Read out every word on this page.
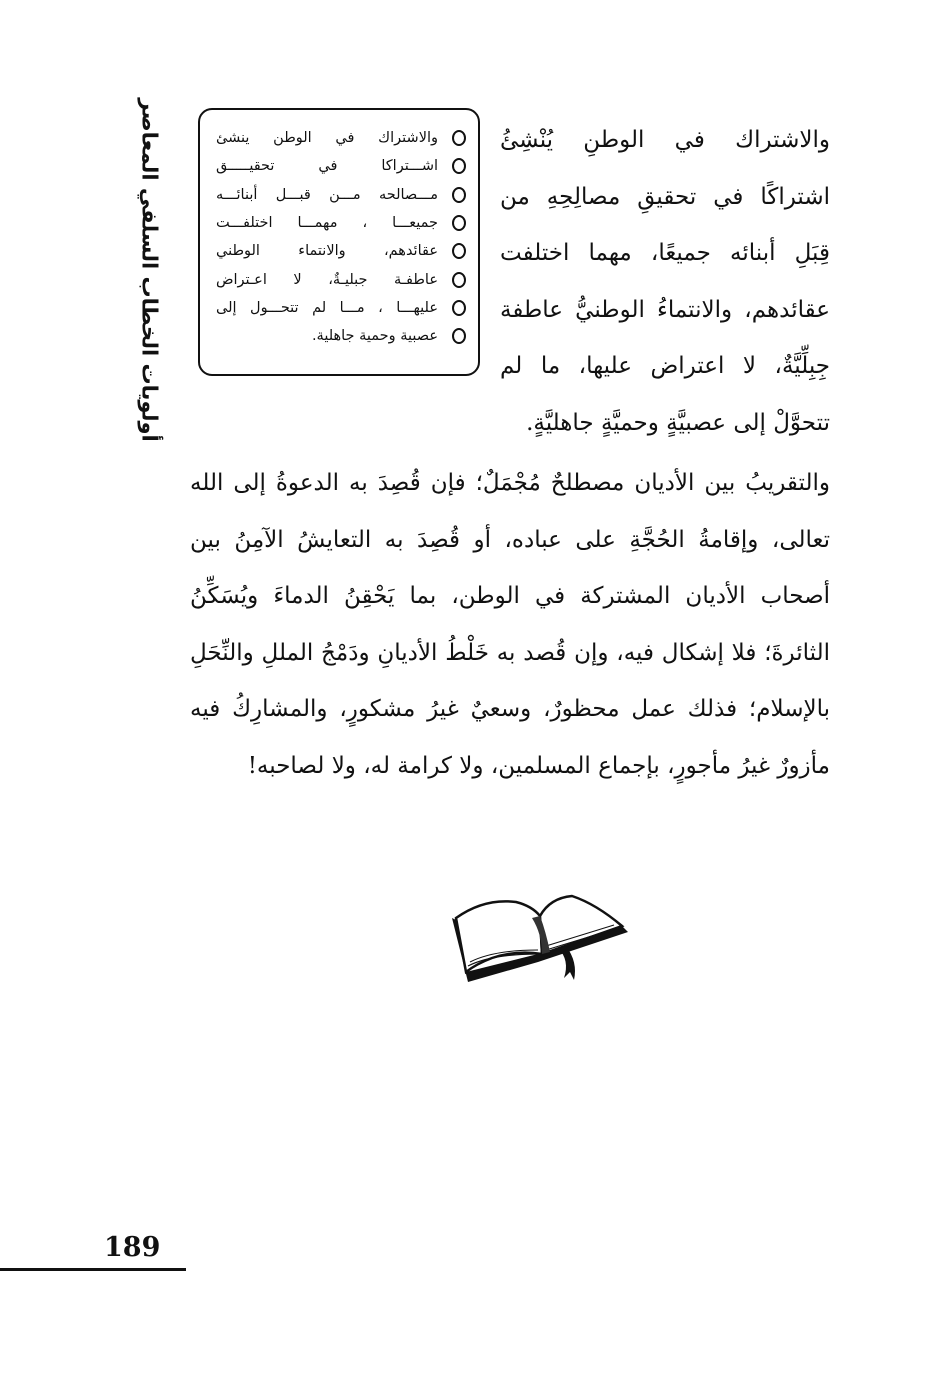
أولويات الخطاب السلفي المعاصر	والاشتراك في الوطنِ يُنْشِئُ اشتراكًا في تحقيقِ مصالِحِهِ من قِبَلِ أبنائه جميعًا، مهما اختلفت عقائدهم، والانتماءُ الوطنيُّ عاطفة جِبِلِّيَّةٌ، لا اعتراض عليها، ما لم تتحوَّلْ إلى عصبيَّةٍ وحميَّةٍ جاهليَّةٍ.

والاشتراك في الوطن ينشئ
اشـــتراكا في تحقيـــــق
مـــصالحه مـــن قبـــل أبنائـــه
جميعـــا ، مهمـــا اختلفـــت
عقائدهم، والانتماء الوطني
عاطفـة جبليـةٌ، لا اعـتراض
عليهـــا ، مـــا لم تتحـــول إلى
عصبية وحمية جاهلية.

والتقريبُ بين الأديان مصطلحٌ مُجْمَلٌ؛ فإن قُصِدَ به الدعوةُ إلى الله تعالى، وإقامةُ الحُجَّةِ على عباده، أو قُصِدَ به التعايشُ الآمِنُ بين أصحاب الأديان المشتركة في الوطن، بما يَحْقِنُ الدماءَ ويُسَكِّنُ الثائرةَ؛ فلا إشكال فيه، وإن قُصد به خَلْطُ الأديانِ ودَمْجُ المللِ والنِّحَلِ بالإسلام؛ فذلك عمل محظورٌ، وسعيٌ غيرُ مشكورٍ، والمشارِكُ فيه مأزورٌ غيرُ مأجورٍ، بإجماع المسلمين، ولا كرامة له، ولا لصاحبه!

189
